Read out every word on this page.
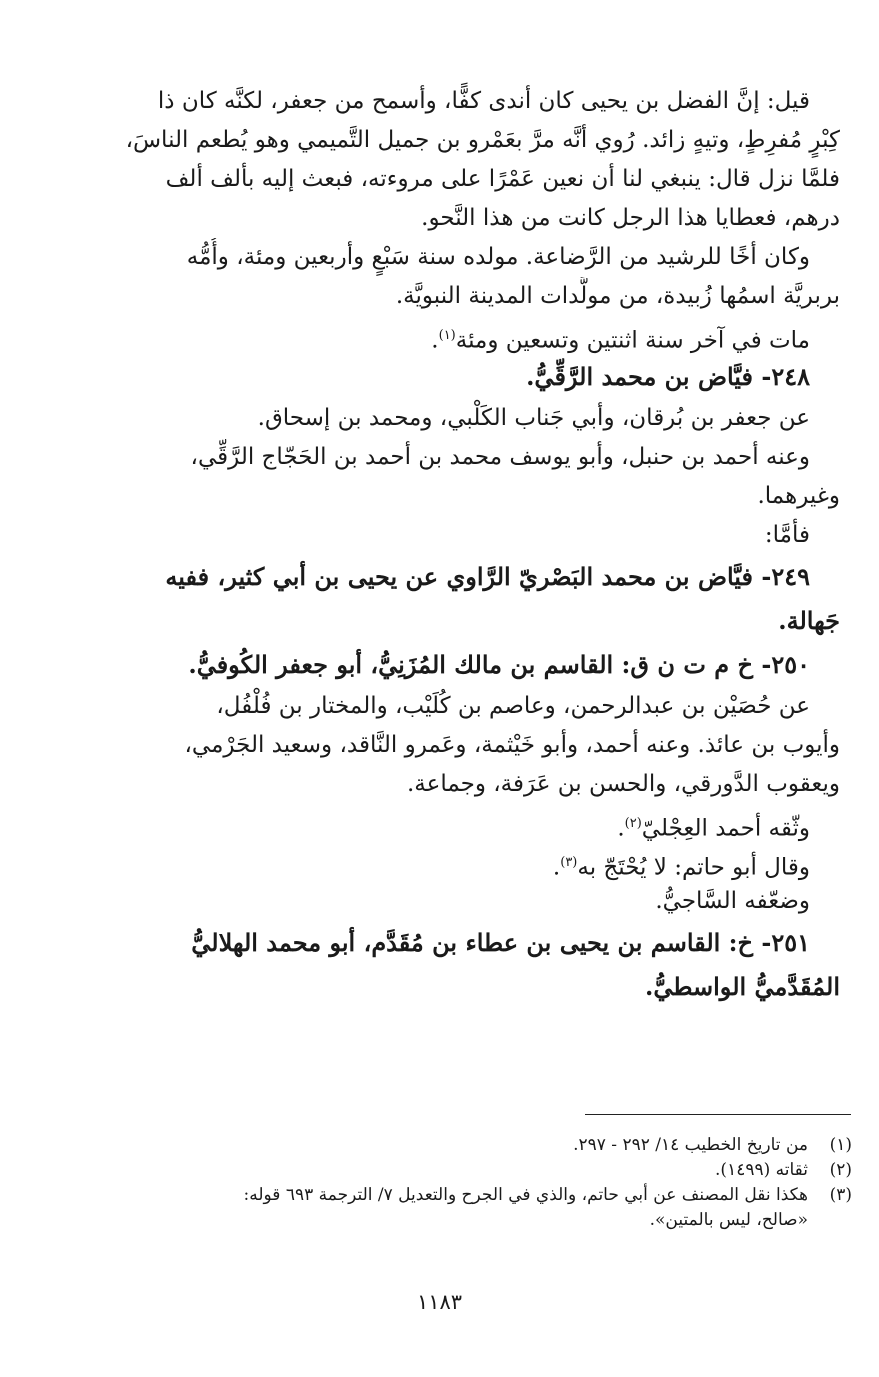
قيل: إنَّ الفضل بن يحيى كان أندى كفًّا، وأسمح من جعفر، لكنَّه كان ذا
كِبْرٍ مُفرِطٍ، وتيهٍ زائد. رُوي أنَّه مرَّ بعَمْرو بن جميل التَّميمي وهو يُطعم الناسَ،
فلمَّا نزل قال: ينبغي لنا أن نعين عَمْرًا على مروءته، فبعث إليه بألف ألف
درهم، فعطايا هذا الرجل كانت من هذا النَّحو.
وكان أخًا للرشيد من الرَّضاعة. مولده سنة سَبْعٍ وأربعين ومئة، وأُمُّه
بربريَّة اسمُها زُبيدة، من مولَّدات المدينة النبويَّة.
مات في آخر سنة اثنتين وتسعين ومئة$^{(١)}$.
٢٤٨- فيَّاض بن محمد الرَّقِّيُّ.
عن جعفر بن بُرقان، وأبي جَناب الكَلْبي، ومحمد بن إسحاق.
وعنه أحمد بن حنبل، وأبو يوسف محمد بن أحمد بن الحَجّاج الرَّقِّي،
وغيرهما.
فأمَّا:
٢٤٩- فيَّاض بن محمد البَصْريّ الرَّاوي عن يحيى بن أبي كثير، ففيه
جَهالة.
٢٥٠- خ م ت ن ق: القاسم بن مالك المُزَنِيُّ، أبو جعفر الكُوفيُّ.
عن حُصَيْن بن عبدالرحمن، وعاصم بن كُلَيْب، والمختار بن فُلْفُل،
وأيوب بن عائذ. وعنه أحمد، وأبو خَيْثمة، وعَمرو النَّاقد، وسعيد الجَرْمي،
ويعقوب الدَّورقي، والحسن بن عَرَفة، وجماعة.
وثّقه أحمد العِجْليّ$^{(٢)}$.
وقال أبو حاتم: لا يُحْتَجّ به$^{(٣)}$.
وضعّفه السَّاجيُّ.
٢٥١- خ: القاسم بن يحيى بن عطاء بن مُقَدَّم، أبو محمد الهلاليُّ
المُقَدَّميُّ الواسطيُّ.
(١)
من تاريخ الخطيب ١٤/ ٢٩٢ - ٢٩٧.
(٢)
ثقاته (١٤٩٩).
(٣)
هكذا نقل المصنف عن أبي حاتم، والذي في الجرح والتعديل ٧/ الترجمة ٦٩٣ قوله:
«صالح، ليس بالمتين».
١١٨٣
